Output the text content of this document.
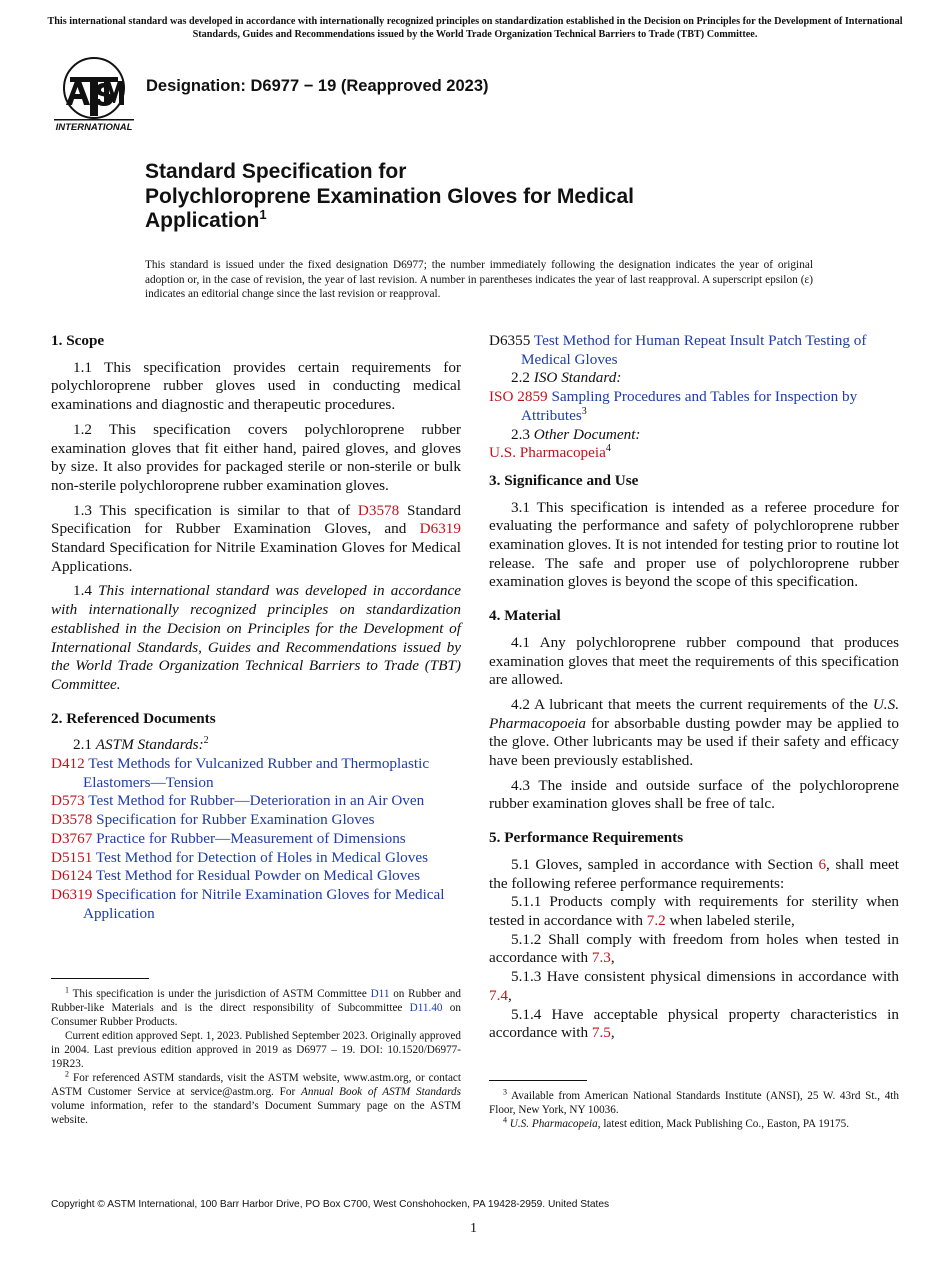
This international standard was developed in accordance with internationally recognized principles on standardization established in the Decision on Principles for the Development of International Standards, Guides and Recommendations issued by the World Trade Organization Technical Barriers to Trade (TBT) Committee.
INTERNATIONAL
Designation: D6977 − 19 (Reapproved 2023)
Standard Specification for
Polychloroprene Examination Gloves for Medical
Application$^1$
This standard is issued under the fixed designation D6977; the number immediately following the designation indicates the year of original adoption or, in the case of revision, the year of last revision. A number in parentheses indicates the year of last reapproval. A superscript epsilon (ε) indicates an editorial change since the last revision or reapproval.
1. Scope

1.1 This specification provides certain requirements for polychloroprene rubber gloves used in conducting medical examinations and diagnostic and therapeutic procedures.

1.2 This specification covers polychloroprene rubber examination gloves that fit either hand, paired gloves, and gloves by size. It also provides for packaged sterile or non-sterile or bulk non-sterile polychloroprene rubber examination gloves.

1.3 This specification is similar to that of D3578 Standard Specification for Rubber Examination Gloves, and D6319 Standard Specification for Nitrile Examination Gloves for Medical Applications.

1.4 This international standard was developed in accordance with internationally recognized principles on standardization established in the Decision on Principles for the Development of International Standards, Guides and Recommendations issued by the World Trade Organization Technical Barriers to Trade (TBT) Committee.

2. Referenced Documents

2.1 ASTM Standards:$^2$

D412 Test Methods for Vulcanized Rubber and Thermoplastic Elastomers—Tension

D573 Test Method for Rubber—Deterioration in an Air Oven

D3578 Specification for Rubber Examination Gloves

D3767 Practice for Rubber—Measurement of Dimensions

D5151 Test Method for Detection of Holes in Medical Gloves

D6124 Test Method for Residual Powder on Medical Gloves

D6319 Specification for Nitrile Examination Gloves for Medical Application

$^1$ This specification is under the jurisdiction of ASTM Committee D11 on Rubber and Rubber-like Materials and is the direct responsibility of Subcommittee D11.40 on Consumer Rubber Products.

Current edition approved Sept. 1, 2023. Published September 2023. Originally approved in 2004. Last previous edition approved in 2019 as D6977 – 19. DOI: 10.1520/D6977-19R23.

$^2$ For referenced ASTM standards, visit the ASTM website, www.astm.org, or contact ASTM Customer Service at service@astm.org. For Annual Book of ASTM Standards volume information, refer to the standard’s Document Summary page on the ASTM website.

D6355 Test Method for Human Repeat Insult Patch Testing of Medical Gloves

2.2 ISO Standard:

ISO 2859 Sampling Procedures and Tables for Inspection by Attributes$^3$

2.3 Other Document:

U.S. Pharmacopeia$^4$

3. Significance and Use

3.1 This specification is intended as a referee procedure for evaluating the performance and safety of polychloroprene rubber examination gloves. It is not intended for testing prior to routine lot release. The safe and proper use of polychloroprene rubber examination gloves is beyond the scope of this specification.

4. Material

4.1 Any polychloroprene rubber compound that produces examination gloves that meet the requirements of this specification are allowed.

4.2 A lubricant that meets the current requirements of the U.S. Pharmacopoeia for absorbable dusting powder may be applied to the glove. Other lubricants may be used if their safety and efficacy have been previously established.

4.3 The inside and outside surface of the polychloroprene rubber examination gloves shall be free of talc.

5. Performance Requirements

5.1 Gloves, sampled in accordance with Section 6, shall meet the following referee performance requirements:

5.1.1 Products comply with requirements for sterility when tested in accordance with 7.2 when labeled sterile,

5.1.2 Shall comply with freedom from holes when tested in accordance with 7.3,

5.1.3 Have consistent physical dimensions in accordance with 7.4,

5.1.4 Have acceptable physical property characteristics in accordance with 7.5,

$^3$ Available from American National Standards Institute (ANSI), 25 W. 43rd St., 4th Floor, New York, NY 10036.

$^4$ U.S. Pharmacopeia, latest edition, Mack Publishing Co., Easton, PA 19175.

Copyright © ASTM International, 100 Barr Harbor Drive, PO Box C700, West Conshohocken, PA 19428-2959. United States
1
